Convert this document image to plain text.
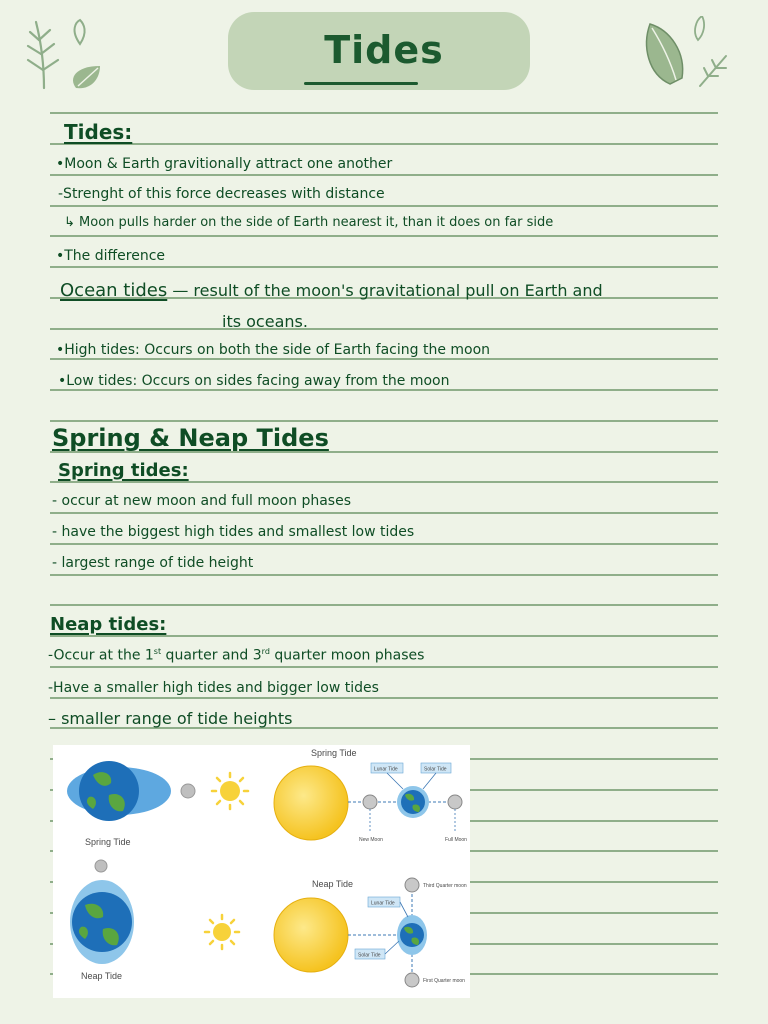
Tides
Tides:
•Moon & Earth gravitionally attract one another
-Strenght of this force decreases with distance
↳ Moon pulls harder on the side of Earth nearest it, than it does on far side
•The difference
Ocean tides — result of the moon's gravitational pull on Earth and
its oceans.
•High tides: Occurs on both the side of Earth facing the moon
•Low tides: Occurs on sides facing away from the moon
Spring & Neap Tides
Spring tides:
- occur at new moon and full moon phases
- have the biggest high tides and smallest low tides
- largest range of tide height
Neap tides:
-Occur at the 1st quarter and 3rd quarter moon phases
-Have a smaller high tides and bigger low tides
– smaller range of tide heights
Spring Tide
Neap Tide
Spring Tide
Lunar Tide	Solar Tide
New Moon	Full Moon
Neap Tide
Lunar Tide
Solar Tide
Third Quarter moon
First Quarter moon
